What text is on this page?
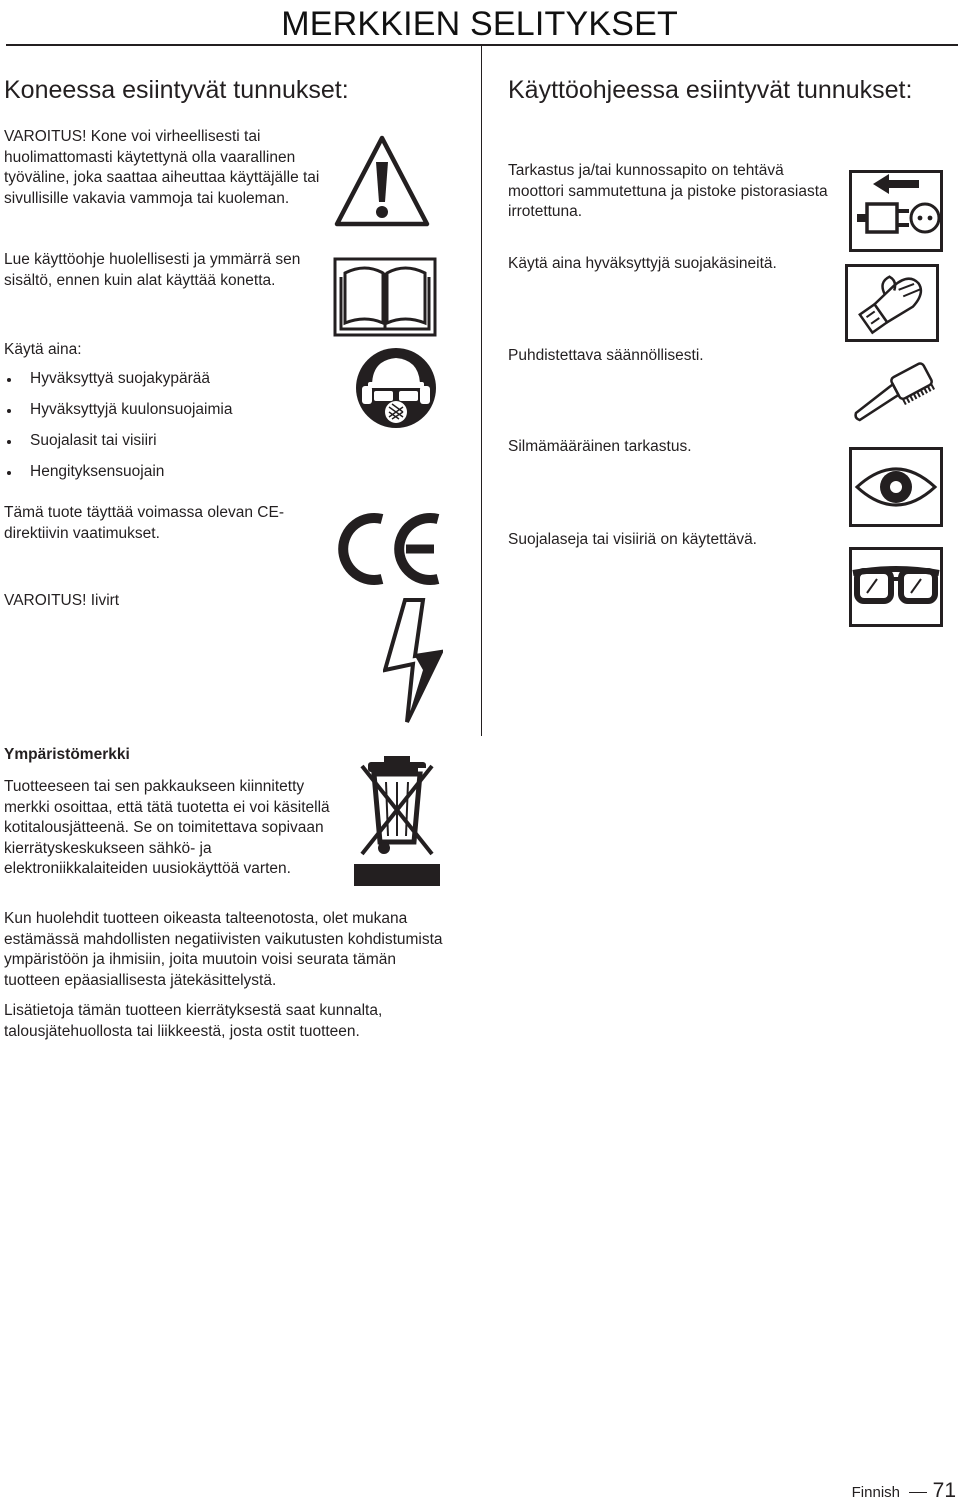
MERKKIEN SELITYKSET
Koneessa esiintyvät tunnukset:
VAROITUS! Kone voi virheellisesti tai huolimattomasti käytettynä olla vaarallinen työväline, joka saattaa aiheuttaa käyttäjälle tai sivullisille vakavia vammoja tai kuoleman.
Lue käyttöohje huolellisesti ja ymmärrä sen sisältö, ennen kuin alat käyttää konetta.
Käytä aina:
Hyväksyttyä suojakypärää
Hyväksyttyjä kuulonsuojaimia
Suojalasit tai visiiri
Hengityksensuojain
Tämä tuote täyttää voimassa olevan CE-direktiivin vaatimukset.
VAROITUS! Iivirt
Käyttöohjeessa esiintyvät tunnukset:
Tarkastus ja/tai kunnossapito on tehtävä moottori sammutettuna ja pistoke pistorasiasta irrotettuna.
Käytä aina hyväksyttyjä suojakäsineitä.
Puhdistettava säännöllisesti.
Silmämääräinen tarkastus.
Suojalaseja tai visiiriä on käytettävä.
Ympäristömerkki
Tuotteeseen tai sen pakkaukseen kiinnitetty merkki osoittaa, että tätä tuotetta ei voi käsitellä kotitalousjätteenä. Se on toimitettava sopivaan kierrätyskeskukseen sähkö- ja elektroniikkalaiteiden uusiokäyttöä varten.
Kun huolehdit tuotteen oikeasta talteenotosta, olet mukana estämässä mahdollisten negatiivisten vaikutusten kohdistumista ympäristöön ja ihmisiin, joita muutoin voisi seurata tämän tuotteen epäasiallisesta jätekäsittelystä.
Lisätietoja tämän tuotteen kierrätyksestä saat kunnalta, talousjätehuollosta tai liikkeestä, josta ostit tuotteen.
Finnish 71
